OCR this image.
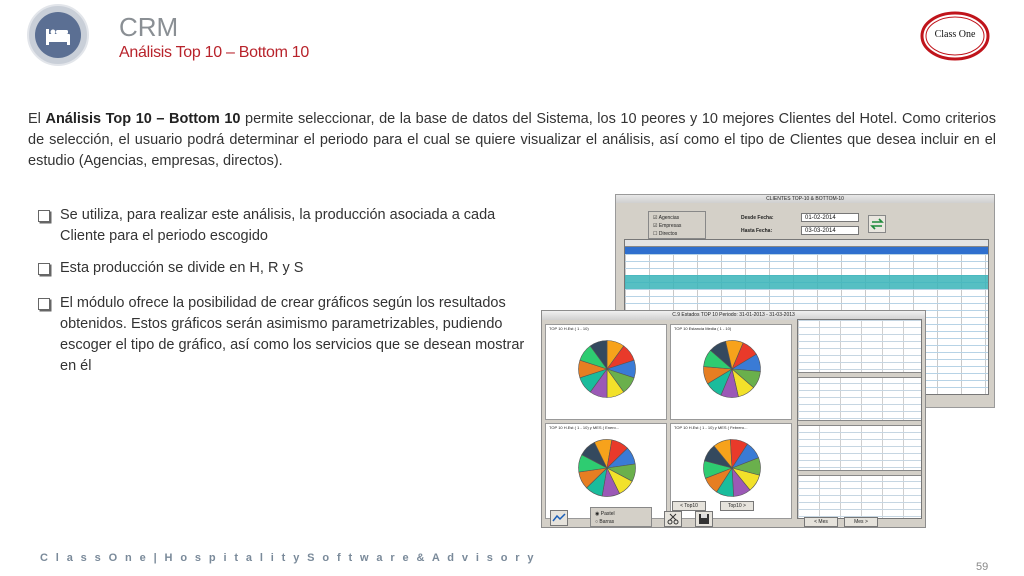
CRM
Análisis Top 10 – Bottom 10
Class One
El Análisis Top 10 – Bottom 10 permite seleccionar, de la base de datos del Sistema, los 10 peores y 10 mejores Clientes del Hotel. Como criterios de selección, el usuario podrá determinar el periodo para el cual se quiere visualizar el análisis, así como el tipo de Clientes que desea incluir en el estudio (Agencias, empresas, directos).
Se utiliza, para realizar este análisis, la producción asociada a cada Cliente para el periodo escogido
Esta producción se divide en H, R y S
El módulo ofrece la posibilidad de crear gráficos según los resultados obtenidos. Estos gráficos serán asimismo parametrizables, pudiendo escoger el tipo de gráfico, así como los servicios que se desean mostrar en él
CLIENTES TOP-10 & BOTTOM-10
☑ Agencias
☑ Empresas
☐ Directos
Desde Fecha:	01-02-2014
Hasta Fecha:	03-03-2014
C.9 Estados TOP 10 Periodo: 31-01-2013 - 31-03-2013
TOP 10 H.Est ( 1 - 10)	TOP 10 Estancia Media ( 1 - 10)
TOP 10 H.Est ( 1 - 10) y MES ( Enero...	TOP 10 H.Est ( 1 - 10) y MES ( Febrero...
◉ Pastel
○ Barras
< Top10	Top10 >
< Mes	Mes >
C l a s s O n e | H o s p i t a l i t y S o f t w a r e & A d v i s o r y
59
